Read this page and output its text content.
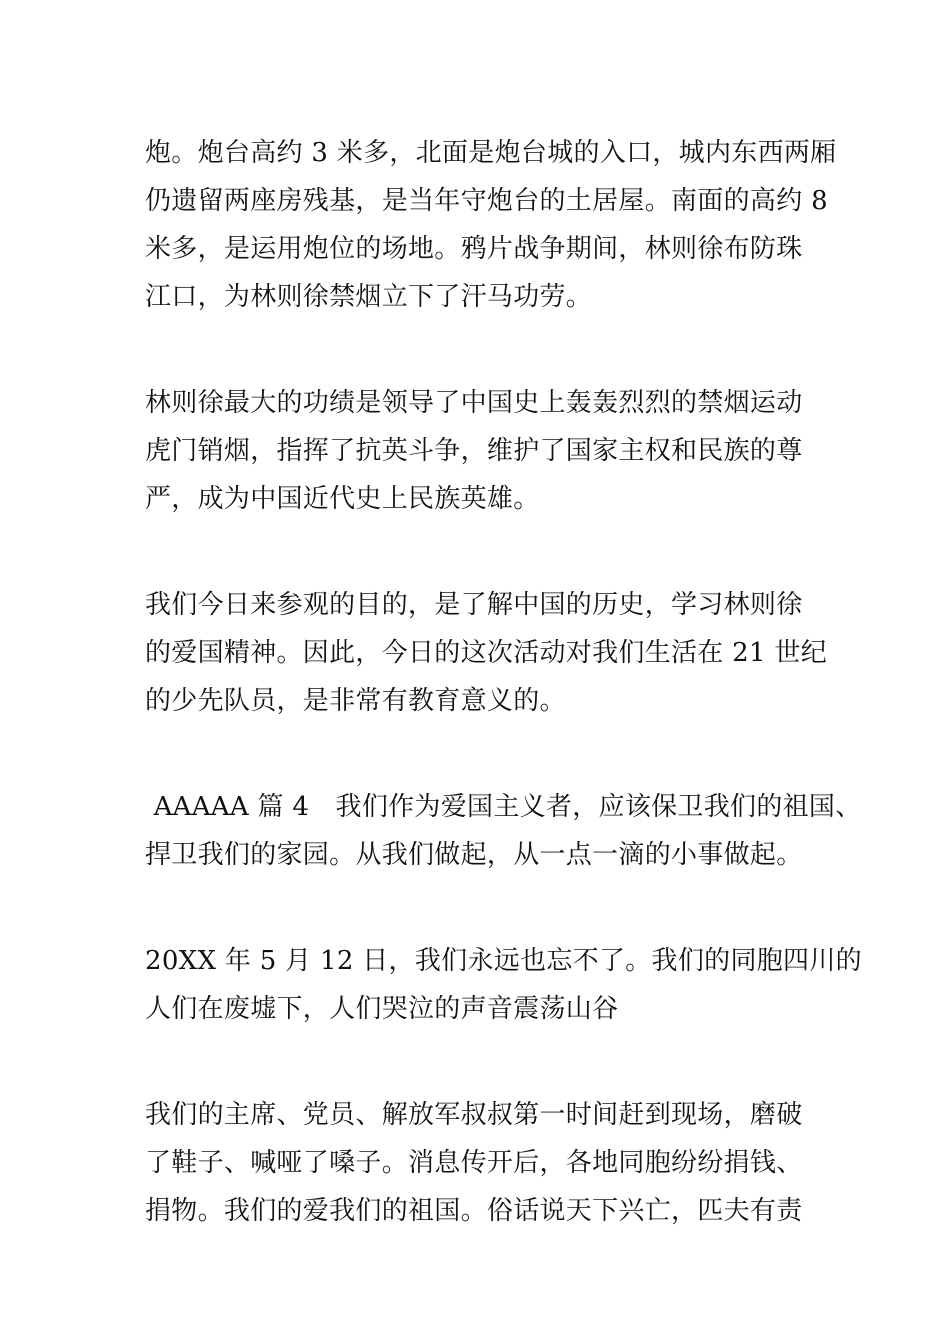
炮。炮台高约 3 米多，北面是炮台城的入口，城内东西两厢
仍遗留两座房残基，是当年守炮台的土居屋。南面的高约 8
米多，是运用炮位的场地。鸦片战争期间，林则徐布防珠
江口，为林则徐禁烟立下了汗马功劳。

林则徐最大的功绩是领导了中国史上轰轰烈烈的禁烟运动
虎门销烟，指挥了抗英斗争，维护了国家主权和民族的尊
严，成为中国近代史上民族英雄。

我们今日来参观的目的，是了解中国的历史，学习林则徐
的爱国精神。因此，今日的这次活动对我们生活在 21 世纪
的少先队员，是非常有教育意义的。

AAAAA 篇 4　我们作为爱国主义者，应该保卫我们的祖国、
捍卫我们的家园。从我们做起，从一点一滴的小事做起。

20XX 年 5 月 12 日，我们永远也忘不了。我们的同胞四川的
人们在废墟下，人们哭泣的声音震荡山谷

我们的主席、党员、解放军叔叔第一时间赶到现场，磨破
了鞋子、喊哑了嗓子。消息传开后，各地同胞纷纷捐钱、
捐物。我们的爱我们的祖国。俗话说天下兴亡，匹夫有责
